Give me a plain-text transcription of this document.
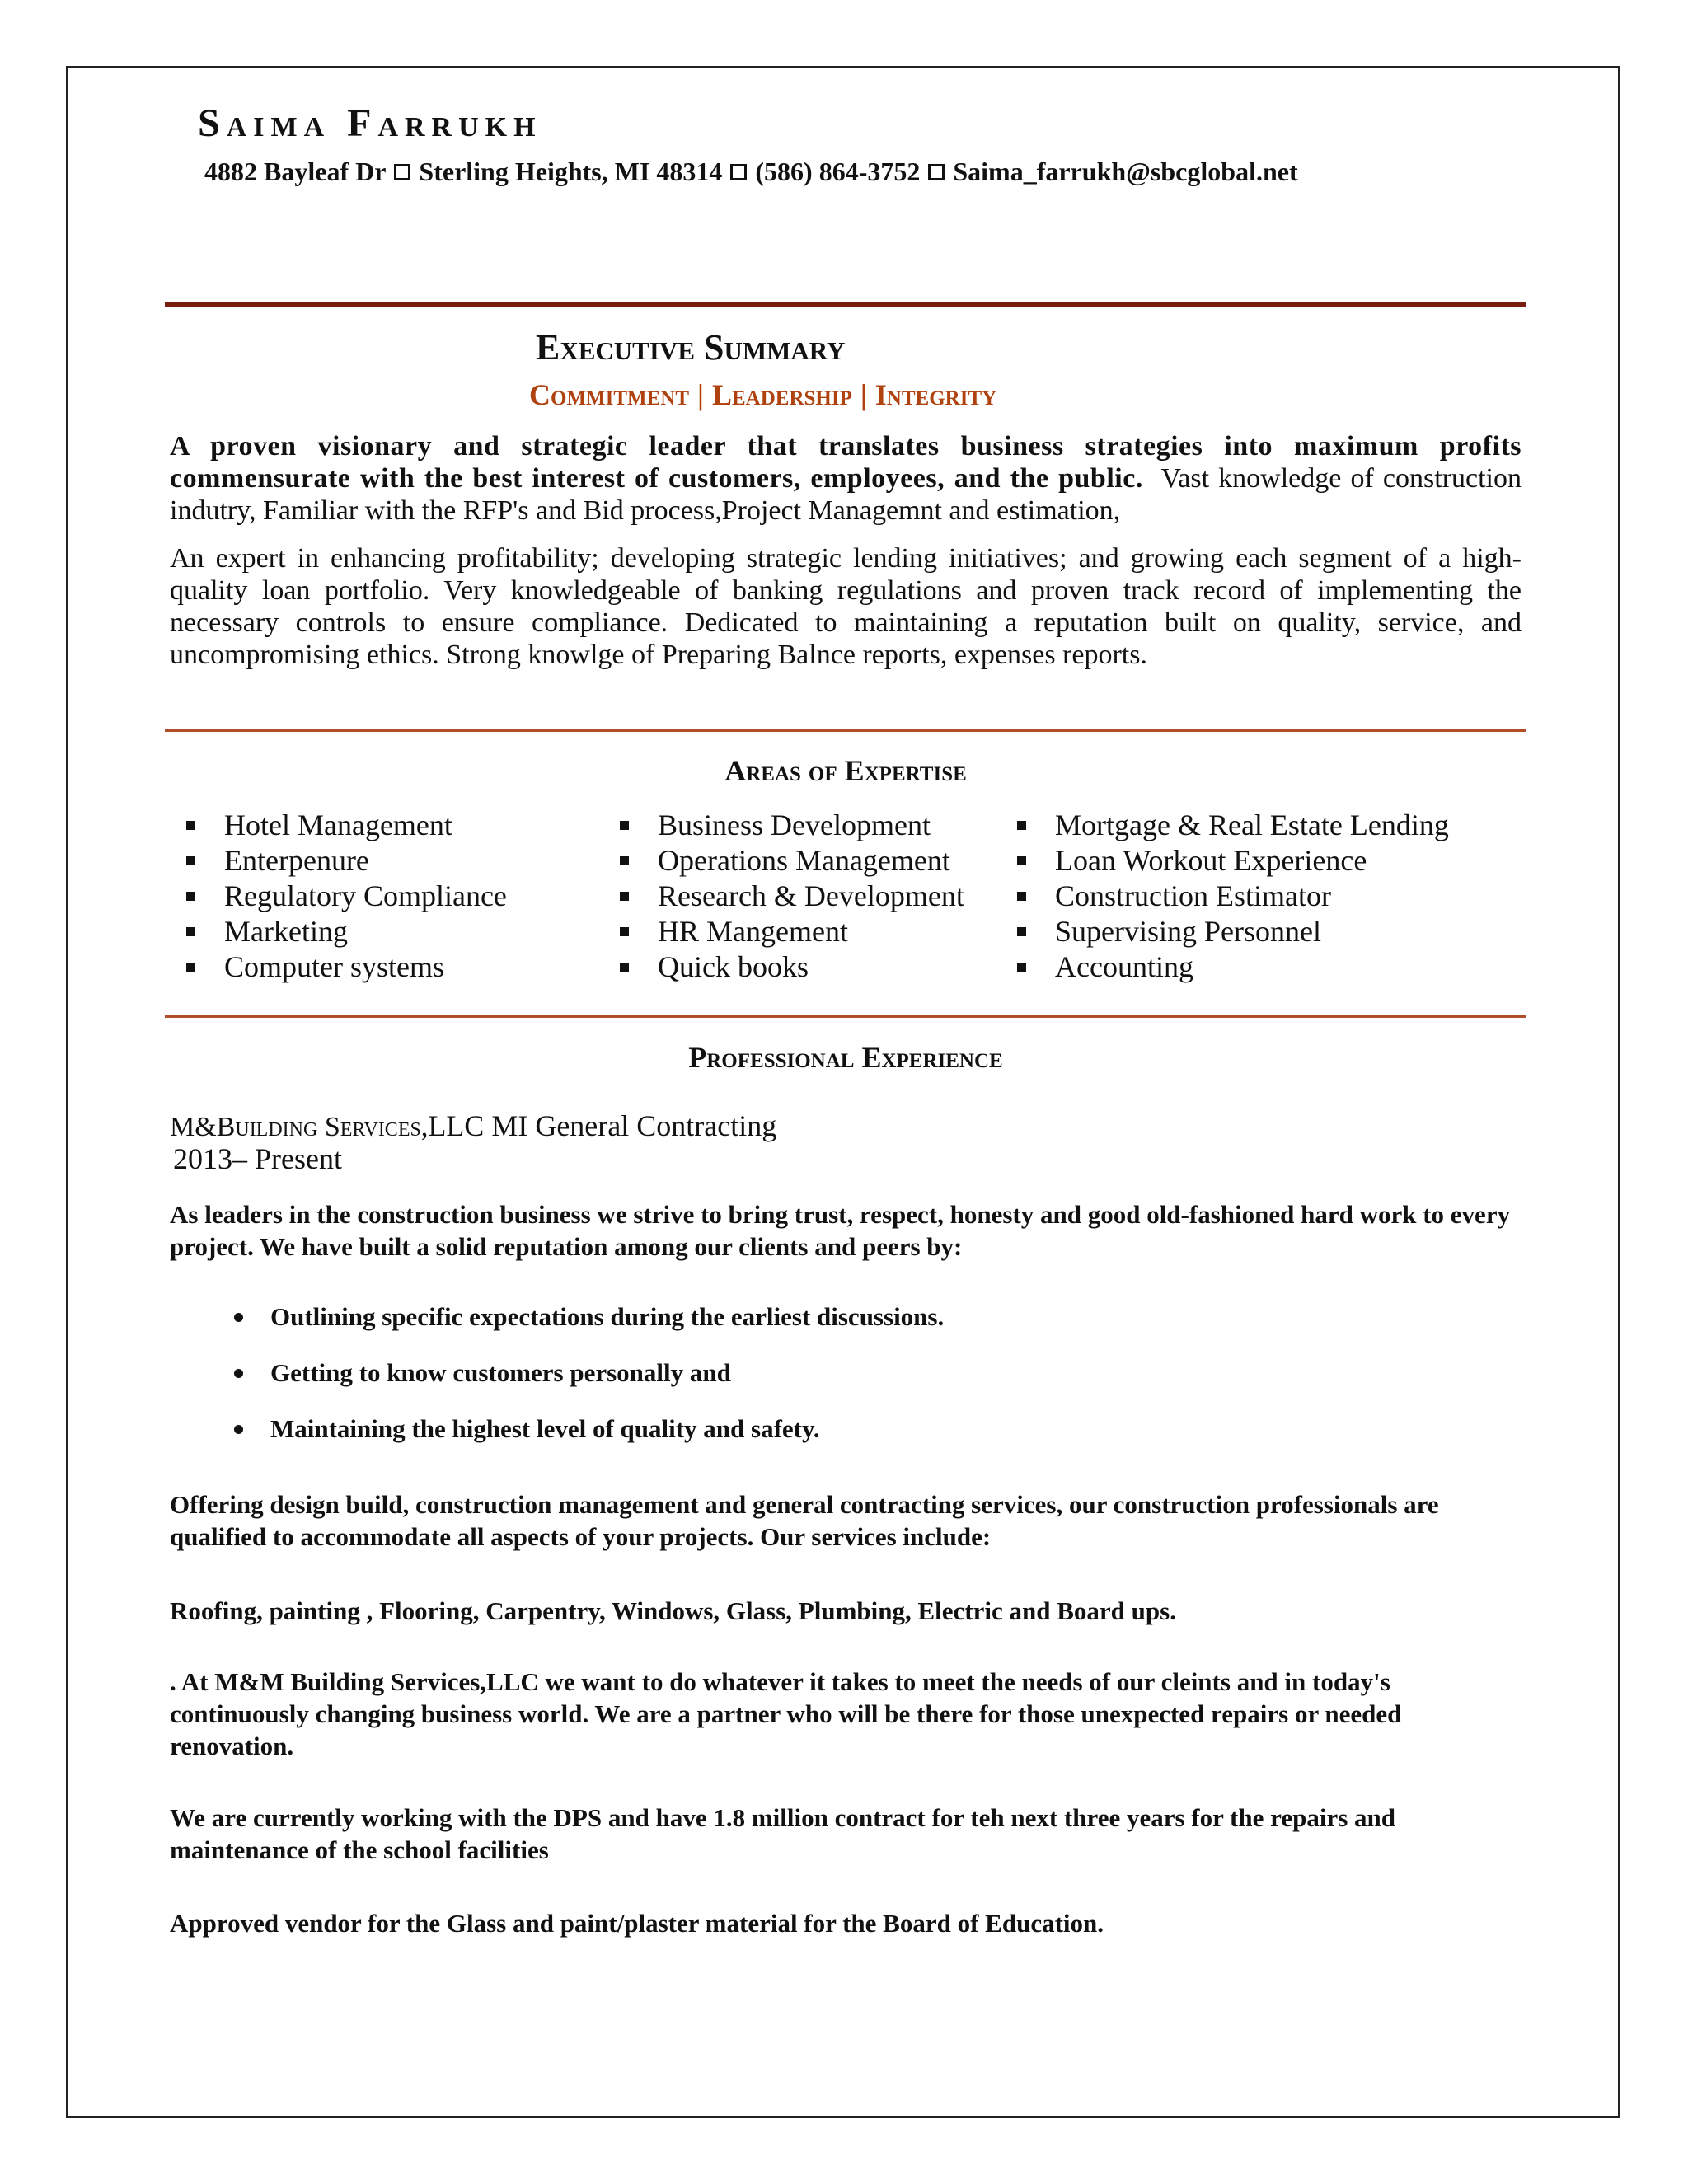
Saima Farrukh
4882 Bayleaf Dr Sterling Heights, MI 48314 (586) 864-3752 Saima_farrukh@sbcglobal.net
Executive Summary
Commitment | Leadership | Integrity

A proven visionary and strategic leader that translates business strategies into maximum profits commensurate with the best interest of customers, employees, and the public. Vast knowledge of construction indutry, Familiar with the RFP's and Bid process,Project Managemnt and estimation,

An expert in enhancing profitability; developing strategic lending initiatives; and growing each segment of a high-quality loan portfolio. Very knowledgeable of banking regulations and proven track record of implementing the necessary controls to ensure compliance. Dedicated to maintaining a reputation built on quality, service, and uncompromising ethics. Strong knowlge of Preparing Balnce reports, expenses reports.

Areas of Expertise
Hotel Management
Enterpenure
Regulatory Compliance
Marketing
Computer systems
Business Development
Operations Management
Research & Development
HR Mangement
Quick books
Mortgage & Real Estate Lending
Loan Workout Experience
Construction Estimator
Supervising Personnel
Accounting
Professional Experience

M&Building Services,LLC MI General Contracting

2013– Present

As leaders in the construction business we strive to bring trust, respect, honesty and good old-fashioned hard work to every project. We have built a solid reputation among our clients and peers by:

Outlining specific expectations during the earliest discussions.
Getting to know customers personally and
Maintaining the highest level of quality and safety.

Offering design build, construction management and general contracting services, our construction professionals are qualified to accommodate all aspects of your projects. Our services include:

Roofing, painting , Flooring, Carpentry, Windows, Glass, Plumbing, Electric and Board ups.

. At M&M Building Services,LLC we want to do whatever it takes to meet the needs of our cleints and in today's continuously changing business world. We are a partner who will be there for those unexpected repairs or needed renovation.

We are currently working with the DPS and have 1.8 million contract for teh next three years for the repairs and maintenance of the school facilities

Approved vendor for the Glass and paint/plaster material for the Board of Education.
